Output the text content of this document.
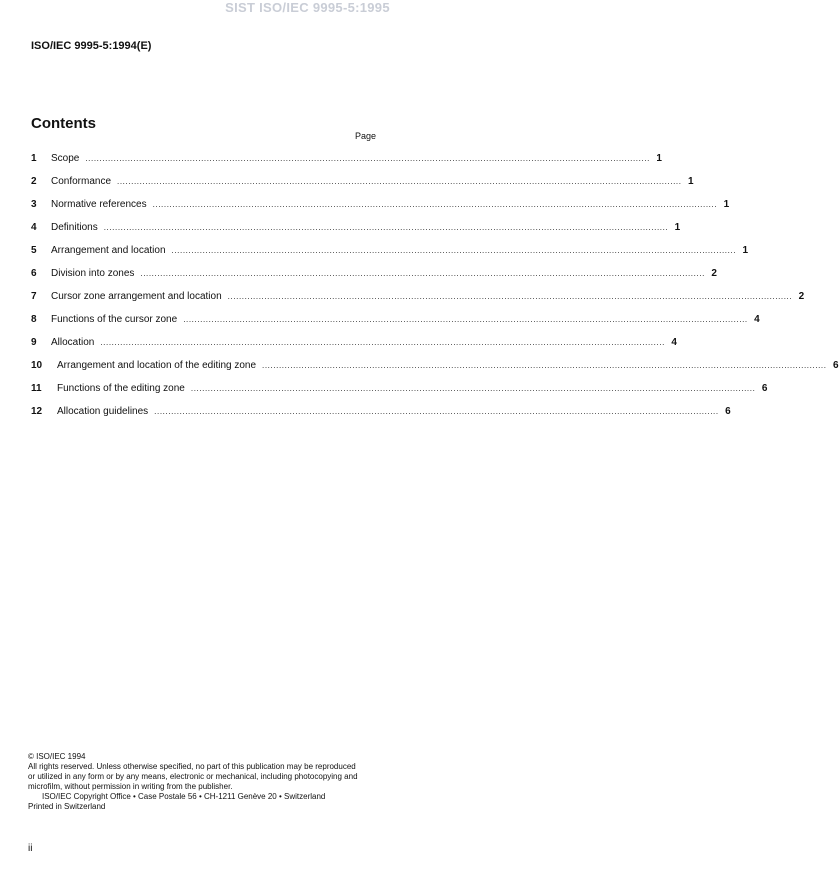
SIST ISO/IEC 9995-5:1995
ISO/IEC 9995-5:1994(E)
Contents
Page
1	Scope ........................................................................................................................................................................................................ 1
2	Conformance ........................................................................................................................................................................................................ 1
3	Normative references ........................................................................................................................................................................................................ 1
4	Definitions ........................................................................................................................................................................................................ 1
5	Arrangement and location ........................................................................................................................................................................................................ 1
6	Division into zones ........................................................................................................................................................................................................ 2
7	Cursor zone arrangement and location ........................................................................................................................................................................................................ 2
8	Functions of the cursor zone ........................................................................................................................................................................................................ 4
9	Allocation ........................................................................................................................................................................................................ 4
10	Arrangement and location of the editing zone ........................................................................................................................................................................................................ 6
11	Functions of the editing zone ........................................................................................................................................................................................................ 6
12	Allocation guidelines ........................................................................................................................................................................................................ 6
© ISO/IEC 1994
All rights reserved. Unless otherwise specified, no part of this publication may be reproduced
or utilized in any form or by any means, electronic or mechanical, including photocopying and
microfilm, without permission in writing from the publisher.
ISO/IEC Copyright Office • Case Postale 56 • CH-1211 Genève 20 • Switzerland
Printed in Switzerland
ii
